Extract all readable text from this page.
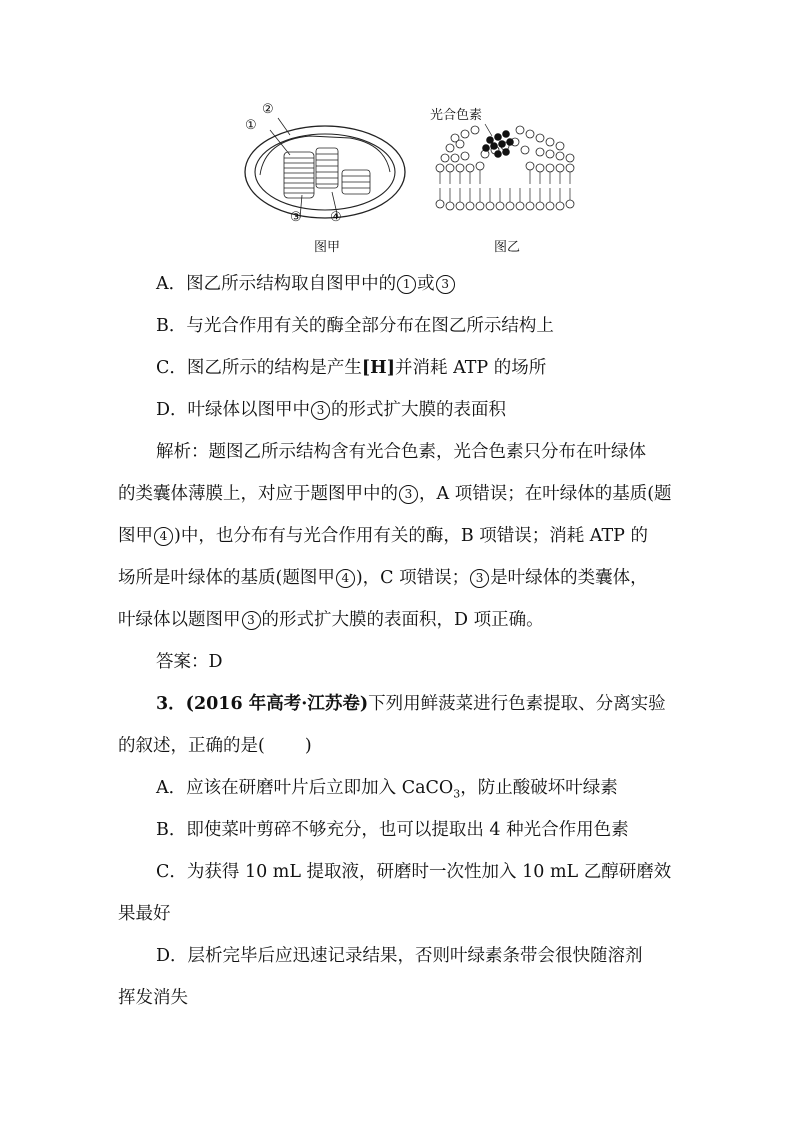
②
①
③ ④
图甲
光合色素
图乙
A．图乙所示结构取自图甲中的 1 或 3
B．与光合作用有关的酶全部分布在图乙所示结构上
C．图乙所示的结构是产生[H]并消耗 ATP 的场所
D．叶绿体以图甲中 3 的形式扩大膜的表面积
解析：题图乙所示结构含有光合色素，光合色素只分布在叶绿体
的类囊体薄膜上，对应于题图甲中的 3 ，A 项错误；在叶绿体的基质(题
图甲 4 )中，也分布有与光合作用有关的酶，B 项错误；消耗 ATP 的
场所是叶绿体的基质(题图甲 4 )，C 项错误； 3 是叶绿体的类囊体，
叶绿体以题图甲 3 的形式扩大膜的表面积，D 项正确。
答案：D
3．(2016 年高考·江苏卷)下列用鲜菠菜进行色素提取、分离实验
的叙述，正确的是( )
A．应该在研磨叶片后立即加入 CaCO$_3$，防止酸破坏叶绿素
B．即使菜叶剪碎不够充分，也可以提取出 4 种光合作用色素
C．为获得 10 mL 提取液，研磨时一次性加入 10 mL 乙醇研磨效
果最好
D．层析完毕后应迅速记录结果，否则叶绿素条带会很快随溶剂
挥发消失
